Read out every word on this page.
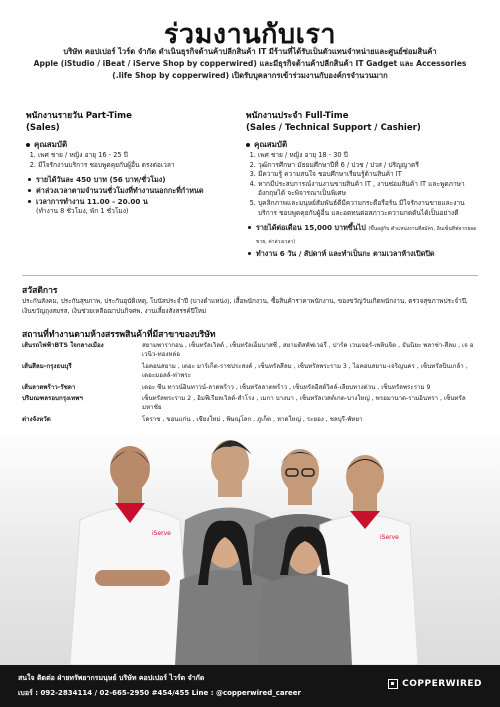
ร่วมงานกับเรา
บริษัท คอปเปอร์ ไวร์ด จำกัด ดำเนินธุรกิจด้านค้าปลีกสินค้า IT มีร้านที่ได้รับเป็นตัวแทนจำหน่ายและศูนย์ซ่อมสินค้า
Apple (iStudio / iBeat / iServe Shop by copperwired) และมีธุรกิจด้านค้าปลีกสินค้า IT Gadget และ Accessories
(.life Shop by copperwired) เปิดรับบุคลากรเข้าร่วมงานกับองค์กรจำนวนมาก
พนักงานรายวัน Part-Time
(Sales)
คุณสมบัติ
1. เพศ ชาย / หญิง อายุ 16 - 25 ปี
2. มีใจรักงานบริการ ชอบพูดคุยกับผู้อื่น ตรงต่อเวลา
รายได้วันละ 450 บาท (56 บาท/ชั่วโมง)
ค่าล่วงเวลาตามจำนวนชั่วโมงที่ทำงานนอกกะที่กำหนด
เวลาการทำงาน 11.00 - 20.00 น
(ทำงาน 8 ชั่วโมง, พัก 1 ชั่วโมง)
พนักงานประจำ Full-Time
(Sales / Technical Support / Cashier)
คุณสมบัติ
1. เพศ ชาย / หญิง อายุ 18 - 30 ปี
2. วุฒิการศึกษา มัธยมศึกษาปีที่ 6 / ปวช / ปวส / ปริญญาตรี
3. มีความรู้ ความสนใจ ชอบศึกษาเรียนรู้ด้านสินค้า IT
4. หากมีประสบการณ์งานงานขายสินค้า IT , งานซ่อมสินค้า IT และพูดภาษาอังกฤษได้ จะพิจารณาเป็นพิเศษ
5. บุคลิกภาพและมนุษย์สัมพันธ์ดีมีความกระตือรือร้น มีใจรักงานขายและงานบริการ ชอบพูดคุยกับผู้อื่น และอดทนต่อสภาวะความกดดันได้เป็นอย่างดี
รายได้ต่อเดือน 15,000 บาทขึ้นไป (ขึ้นอยู่กับ ตำแหน่งงานที่สมัคร, อินเซ็นทีฟจากยอดขาย, ค่าล่วงเวลา)
ทำงาน 6 วัน / สัปดาห์ และทำเป็นกะ ตามเวลาห้างเปิดปิด
สวัสดิการ
ประกันสังคม, ประกันสุขภาพ, ประกันอุบัติเหตุ, โบนัสประจำปี (บางตำแหน่ง), เสื้อพนักงาน, ซื้อสินค้าราคาพนักงาน, ของขวัญวันเกิดพนักงาน, ตรวจสุขภาพประจำปี,
เงินขวัญถุงสมรส, เงินช่วยเหลือฌาปนกิจศพ, งานเลี้ยงสังสรรค์ปีใหม่
สถานที่ทำงานตามห้างสรรพสินค้าที่มีสาขาของบริษัท
เส้นรถไฟฟ้าBTS ใจกลางเมือง	สยามพารากอน , เซ็นทรัลเวิลด์ , เซ็นทรัลเอ็มบาสซี่ , สยามดิสคัฟเวอรี่ , ปาร์ค เวนเจอร์-เพลินจิต , ธันนิยะ พลาซ่า-สีลม , เจ อเวนิว-ทองหล่อ
เส้นสีลม-กรุงธนบุรี	ไอคอนสยาม , เดอะ มาร์เก็ต-ราชประสงค์ , เซ็นทรัลสีลม , เซ็นทรัลพระราม 3 , ไอคอนสยาม-เจริญนคร , เซ็นทรัลปิ่นเกล้า , เดอะมอลล์-ท่าพระ
เส้นลาดพร้าว-รัชดา	เดอะ ซีน ทาวน์อินทาวน์-ลาดพร้าว , เซ็นทรัลลาดพร้าว , เซ็นทรัลอีสต์วิลล์-เลียบทางด่วน , เซ็นทรัลพระราม 9
ปริมณฑลรอบกรุงเทพฯ	เซ็นทรัลพระราม 2 , อิมพีเรียลเวิลด์-สำโรง , เมกา บางนา , เซ็นทรัลเวสต์เกต-บางใหญ่ , พรอมานาด-รามอินทรา , เซ็นทรัลมหาชัย
ต่างจังหวัด	โคราช , ขอนแก่น , เชียงใหม่ , พิษณุโลก , ภูเก็ต , หาดใหญ่ , ระยอง , ชลบุรี-พัทยา
iServe
iServe
สนใจ ติดต่อ ฝ่ายทรัพยากรมนุษย์ บริษัท คอปเปอร์ ไวร์ด จำกัด
เบอร์ : 092-2834114 / 02-665-2950 #454/455 Line : @copperwired_career
COPPERWIRED
